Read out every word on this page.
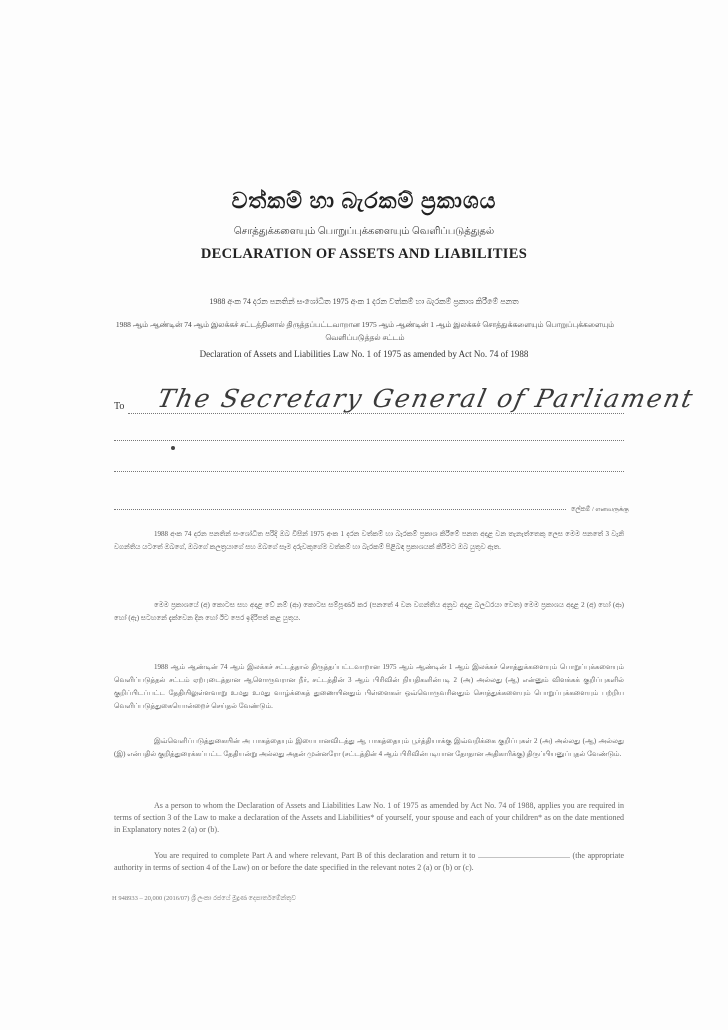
වත්කම් හා බැරකම් ප්‍රකාශය
சொத்துக்களையும் பொறுப்புக்களையும் வெளிப்படுத்துதல்
DECLARATION OF ASSETS AND LIABILITIES
1988 අංක 74 දරන පනතින් සංශෝධිත 1975 අංක 1 දරන වත්කම් හා බැරකම් ප්‍රකාශ කිරීමේ පනත
1988 ஆம் ஆண்டின் 74 ஆம் இலக்கச் சட்டத்தினால் திருத்தப்பட்டவாறான 1975 ஆம் ஆண்டின் 1 ஆம் இலக்கச் சொத்துக்களையும் பொறுப்புக்களையும் வெளிப்படுத்தல் சட்டம்
Declaration of Assets and Liabilities Law No. 1 of 1975 as amended by Act No. 74 of 1988
To The Secretary General of Parliament
ලේකම් / எனவருக்கு
1988 අංක 74 දරන පනතින් සංශෝධිත පරිදි ඔබ විසින් 1975 අංක 1 දරන වත්කම් හා බැරකම් ප්‍රකාශ කිරීමේ පනත අදාළ වන තැනැත්තෙකු ලෙස මෙම පනතේ 3 වැනි වගන්තිය යටතේ ඔබගේ, ඔබගේ කලත්‍රයාගේ සහ ඔබගේ සෑම දරුවකුගේම වත්කම් හා බැරකම් පිළිබඳ ප්‍රකාශයක් කිරීමට ඔබ යුතුව ඇත.
මෙම ප්‍රකාශයේ (අ) කොටස සහ අදාළ වේ නම් (ආ) කොටස සම්පූර්ණ කර (පනතේ 4 වන වගන්තිය අනුව අදාළ බලධරයා වෙත) මෙම ප්‍රකාශය අදාළ 2 (අ) හෝ (ආ) හෝ (ඇ) සටහනේ දැක්වෙන දින හෝ ඊට පෙර ඉදිරිපත් කළ යුතුය.
1988 ஆம் ஆண்டின் 74 ஆம் இலக்கச் சட்டத்தால் திருத்தப்பட்டவாறான 1975 ஆம் ஆண்டின் 1 ஆம் இலக்கச் சொத்துக்களையும் பொறுப்புக்களையும் வெளிப்படுத்தல் சட்டம் ஏற்புடைத்தான ஆளொருவரான நீர், சட்டத்தின் 3 ஆம் பிரிவின் நியதிகளின்படி 2 (அ) அல்லது (ஆ) என்னும் விளக்கக் குறிப்புகளில் குறிப்பிடப்பட்ட தேதியிலுள்ளவாறு உமது உமது வாழ்க்கைத் துணையினதும் பிள்ளைகள் ஒவ்வொருவரினதும் சொத்துக்களையும் பொறுப்புக்களையும் பற்றிய வெளிப்படுத்துகையொன்றைச் செய்தல் வேண்டும்.
இவ்வெளிப்படுத்துகையின் அ பாகத்தையும் இயைபானவிடத்து ஆ பாகத்தையும் பூர்த்தியாக்கு இவ்வறிக்கை குறிப்புகள் 2 (அ) அல்லது (ஆ) அல்லது (இ) என்பதில் குறித்துரைக்கப்பட்ட தேதியன்று அல்லது அதன் முன்னரோ (சட்டத்தின் 4 ஆம் பிரிவின்படியான தோதான அதிகாரிக்கு) திருப்பியனுப்புதல் வேண்டும்.
As a person to whom the Declaration of Assets and Liabilities Law No. 1 of 1975 as amended by Act No. 74 of 1988, applies you are required in terms of section 3 of the Law to make a declaration of the Assets and Liabilities* of yourself, your spouse and each of your children* as on the date mentioned in Explanatory notes 2 (a) or (b).
You are required to complete Part A and where relevant, Part B of this declaration and return it to .............................................. (the appropriate authority in terms of section 4 of the Law) on or before the date specified in the relevant notes 2 (a) or (b) or (c).
H 948933 – 20,000 (2016/07) ශ්‍රී ලංකා රජයේ මුද්‍රණ දෙපාර්තමේන්තුව
